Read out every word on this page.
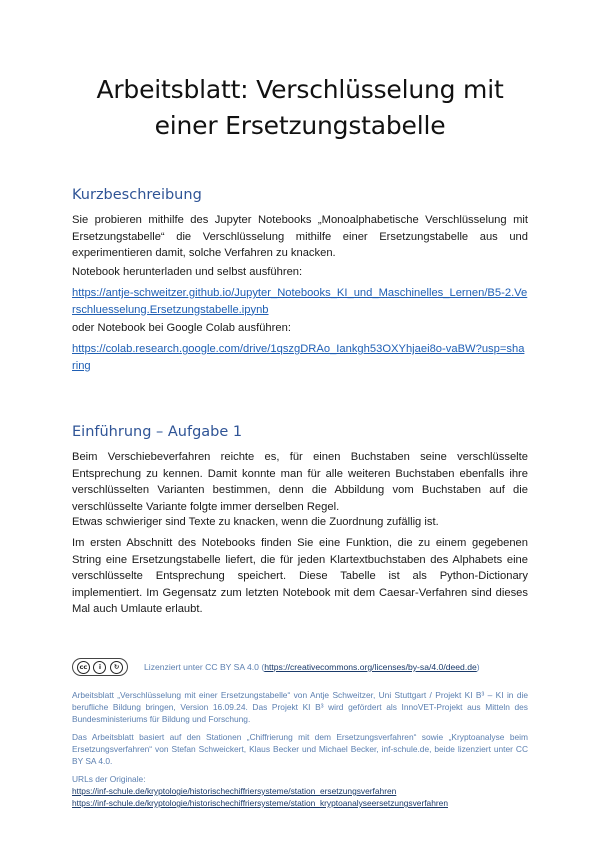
Arbeitsblatt: Verschlüsselung mit einer Ersetzungstabelle
Kurzbeschreibung

Sie probieren mithilfe des Jupyter Notebooks „Monoalphabetische Verschlüsselung mit Ersetzungstabelle“ die Verschlüsselung mithilfe einer Ersetzungstabelle aus und experimentieren damit, solche Verfahren zu knacken.

Notebook herunterladen und selbst ausführen:

https://antje-schweitzer.github.io/Jupyter_Notebooks_KI_und_Maschinelles_Lernen/B5-2.Verschluesselung.Ersetzungstabelle.ipynb

oder Notebook bei Google Colab ausführen:

https://colab.research.google.com/drive/1qszgDRAo_Iankgh53OXYhjaei8o-vaBW?usp=sharing

Einführung – Aufgabe 1

Beim Verschiebeverfahren reichte es, für einen Buchstaben seine verschlüsselte Entsprechung zu kennen. Damit konnte man für alle weiteren Buchstaben ebenfalls ihre verschlüsselten Varianten bestimmen, denn die Abbildung vom Buchstaben auf die verschlüsselte Variante folgte immer derselben Regel.

Etwas schwieriger sind Texte zu knacken, wenn die Zuordnung zufällig ist.

Im ersten Abschnitt des Notebooks finden Sie eine Funktion, die zu einem gegebenen String eine Ersetzungstabelle liefert, die für jeden Klartextbuchstaben des Alphabets eine verschlüsselte Entsprechung speichert. Diese Tabelle ist als Python-Dictionary implementiert. Im Gegensatz zum letzten Notebook mit dem Caesar-Verfahren sind dieses Mal auch Umlaute erlaubt.

cc	i	↻	Lizenziert unter CC BY SA 4.0 (https://creativecommons.org/licenses/by-sa/4.0/deed.de)

Arbeitsblatt „Verschlüsselung mit einer Ersetzungstabelle“ von Antje Schweitzer, Uni Stuttgart / Projekt KI B³ – KI in die berufliche Bildung bringen, Version 16.09.24. Das Projekt KI B³ wird gefördert als InnoVET-Projekt aus Mitteln des Bundesministeriums für Bildung und Forschung.

Das Arbeitsblatt basiert auf den Stationen „Chiffrierung mit dem Ersetzungsverfahren“ sowie „Kryptoanalyse beim Ersetzungsverfahren“ von Stefan Schweickert, Klaus Becker und Michael Becker, inf-schule.de, beide lizenziert unter CC BY SA 4.0.

URLs der Originale:

https://inf-schule.de/kryptologie/historischechiffriersysteme/station_ersetzungsverfahren

https://inf-schule.de/kryptologie/historischechiffriersysteme/station_kryptoanalyseersetzungsverfahren
